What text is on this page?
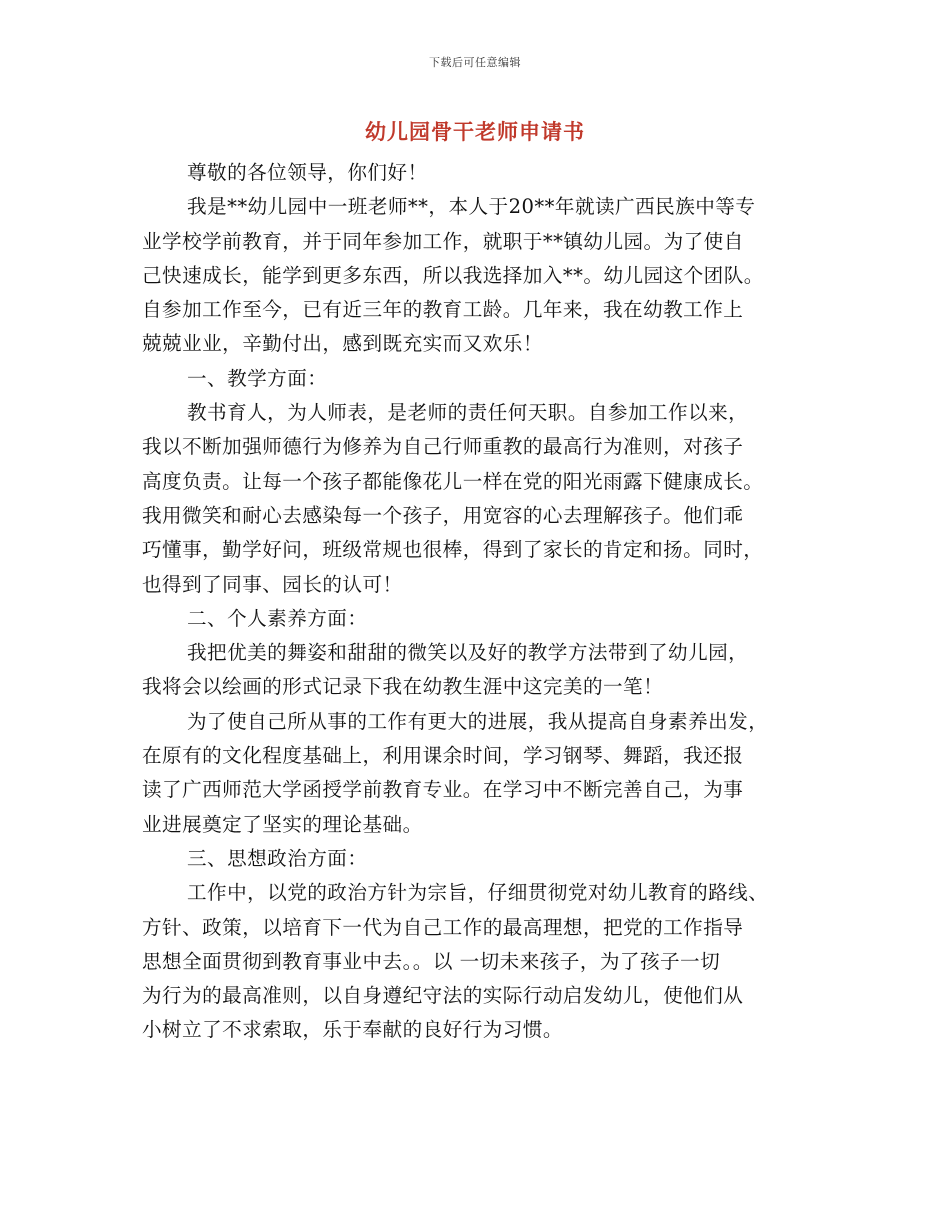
下载后可任意编辑
幼儿园骨干老师申请书
尊敬的各位领导，你们好！
我是**幼儿园中一班老师**，本人于20**年就读广西民族中等专
业学校学前教育，并于同年参加工作，就职于**镇幼儿园。为了使自
己快速成长，能学到更多东西，所以我选择加入**。幼儿园这个团队。
自参加工作至今，已有近三年的教育工龄。几年来，我在幼教工作上
兢兢业业，辛勤付出，感到既充实而又欢乐！
一、教学方面：
教书育人，为人师表，是老师的责任何天职。自参加工作以来，
我以不断加强师德行为修养为自己行师重教的最高行为准则，对孩子
高度负责。让每一个孩子都能像花儿一样在党的阳光雨露下健康成长。
我用微笑和耐心去感染每一个孩子，用宽容的心去理解孩子。他们乖
巧懂事，勤学好问，班级常规也很棒，得到了家长的肯定和扬。同时，
也得到了同事、园长的认可！
二、个人素养方面：
我把优美的舞姿和甜甜的微笑以及好的教学方法带到了幼儿园，
我将会以绘画的形式记录下我在幼教生涯中这完美的一笔！
为了使自己所从事的工作有更大的进展，我从提高自身素养出发，
在原有的文化程度基础上，利用课余时间，学习钢琴、舞蹈，我还报
读了广西师范大学函授学前教育专业。在学习中不断完善自己，为事
业进展奠定了坚实的理论基础。
三、思想政治方面：
工作中，以党的政治方针为宗旨，仔细贯彻党对幼儿教育的路线、
方针、政策，以培育下一代为自己工作的最高理想，把党的工作指导
思想全面贯彻到教育事业中去。。以 一切未来孩子，为了孩子一切
为行为的最高准则，以自身遵纪守法的实际行动启发幼儿，使他们从
小树立了不求索取，乐于奉献的良好行为习惯。
